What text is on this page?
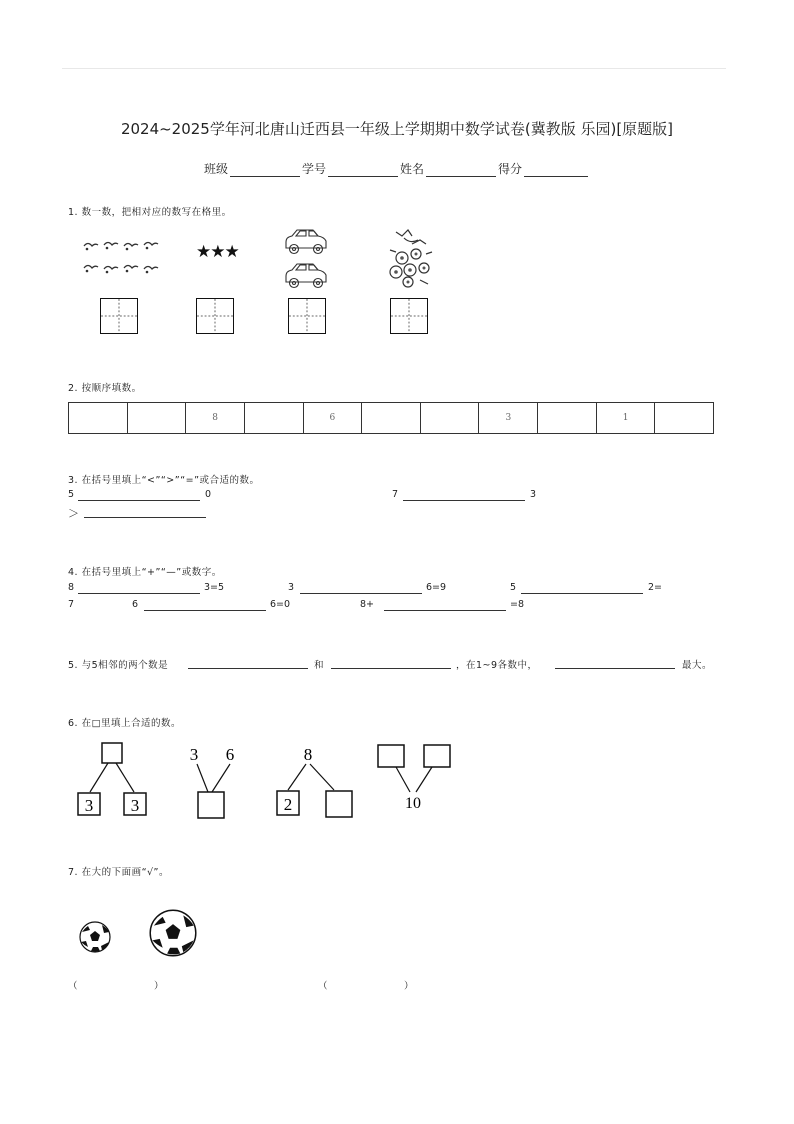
2024~2025学年河北唐山迁西县一年级上学期期中数学试卷(冀教版 乐园)[原题版]
班级	学号	姓名	得分
1. 数一数，把相对应的数写在格里。
★★★
2. 按顺序填数。
8	6	3	1
3. 在括号里填上“<”“>”“=”或合适的数。
5	0	7	3
＞
4. 在括号里填上“+”“—”或数字。
8	3=5	3	6=9	5	2=
7	6	6=0	8+	=8
5. 与5相邻的两个数是	和	，在1~9各数中，	最大。
6. 在□里填上合适的数。
3 3
3 6	8
2	10
7. 在大的下面画“√”。
（	）	（	）
